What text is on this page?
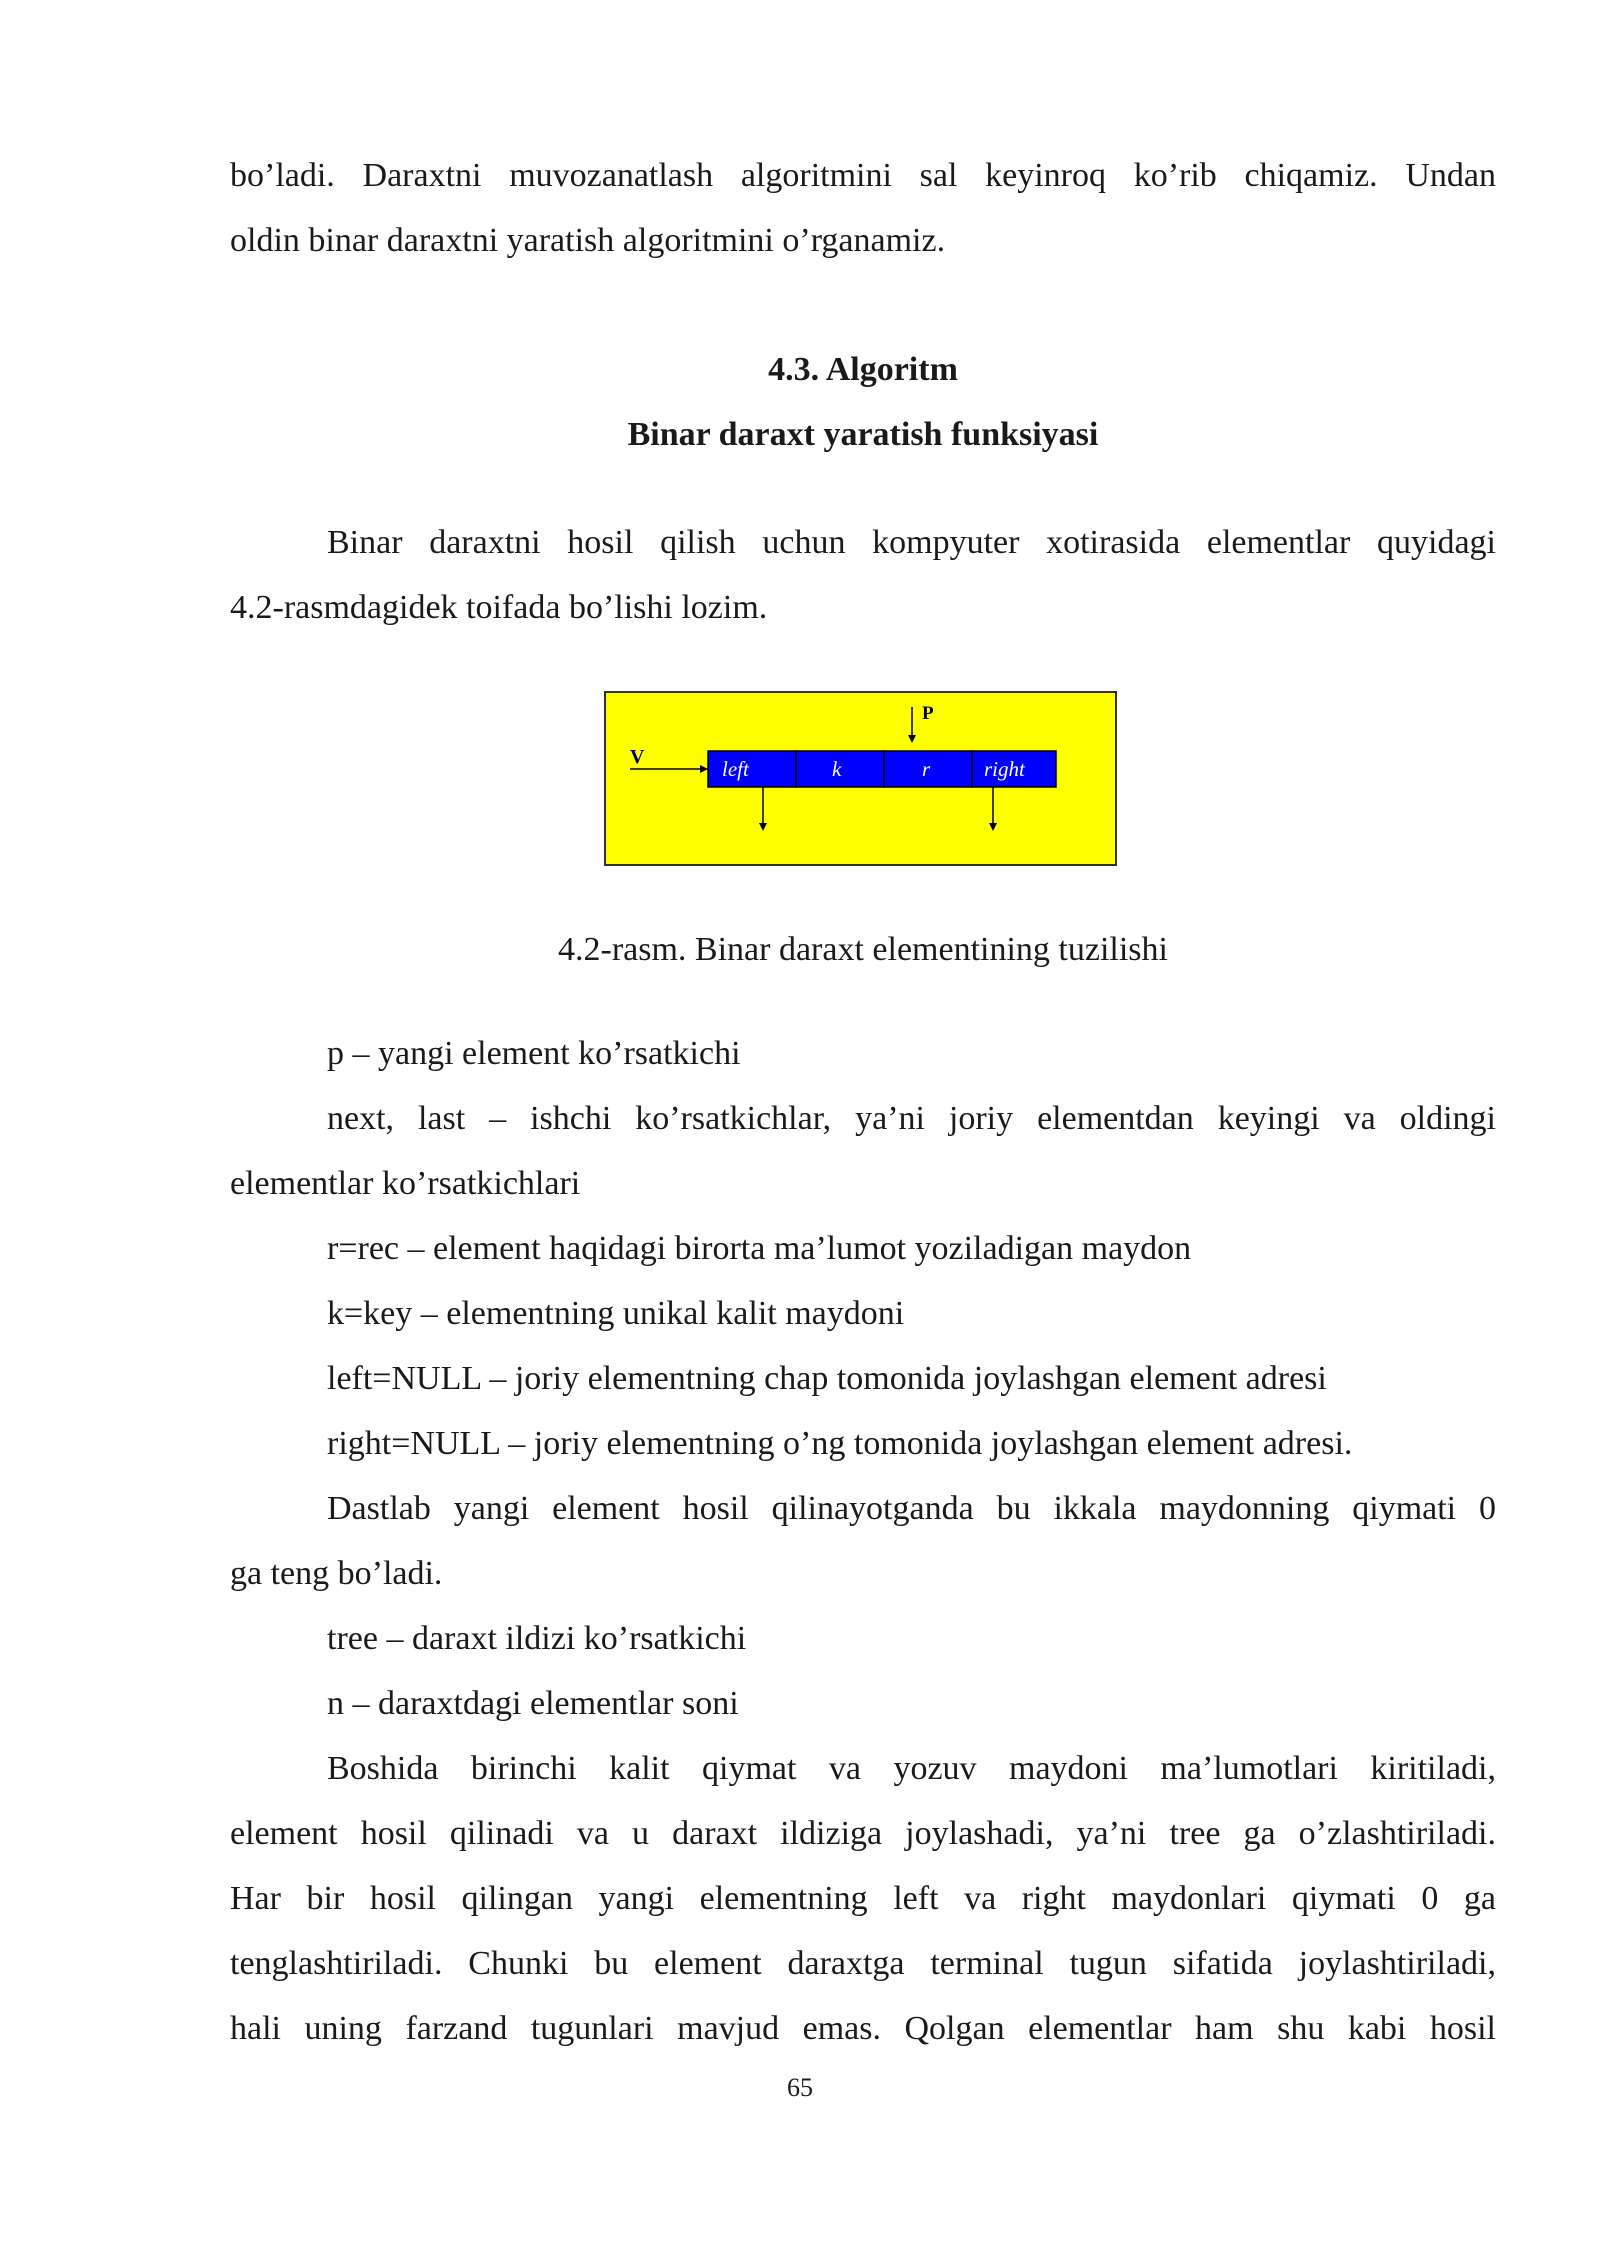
bo’ladi. Daraxtni muvozanatlash algoritmini sal keyinroq ko’rib chiqamiz. Undan
oldin binar daraxtni yaratish algoritmini o’rganamiz.
4.3. Algoritm
Binar daraxt yaratish funksiyasi
Binar daraxtni hosil qilish uchun kompyuter xotirasida elementlar quyidagi
4.2-rasmdagidek toifada bo’lishi lozim.
V
P
left	k	r	right
4.2-rasm. Binar daraxt elementining tuzilishi
p – yangi element ko’rsatkichi
next, last – ishchi ko’rsatkichlar, ya’ni joriy elementdan keyingi va oldingi
elementlar ko’rsatkichlari
r=rec – element haqidagi birorta ma’lumot yoziladigan maydon
k=key – elementning unikal kalit maydoni
left=NULL – joriy elementning chap tomonida joylashgan element adresi
right=NULL – joriy elementning o’ng tomonida joylashgan element adresi.
Dastlab yangi element hosil qilinayotganda bu ikkala maydonning qiymati 0
ga teng bo’ladi.
tree – daraxt ildizi ko’rsatkichi
n – daraxtdagi elementlar soni
Boshida birinchi kalit qiymat va yozuv maydoni ma’lumotlari kiritiladi,
element hosil qilinadi va u daraxt ildiziga joylashadi, ya’ni tree ga o’zlashtiriladi.
Har bir hosil qilingan yangi elementning left va right maydonlari qiymati 0 ga
tenglashtiriladi. Chunki bu element daraxtga terminal tugun sifatida joylashtiriladi,
hali uning farzand tugunlari mavjud emas. Qolgan elementlar ham shu kabi hosil
65
